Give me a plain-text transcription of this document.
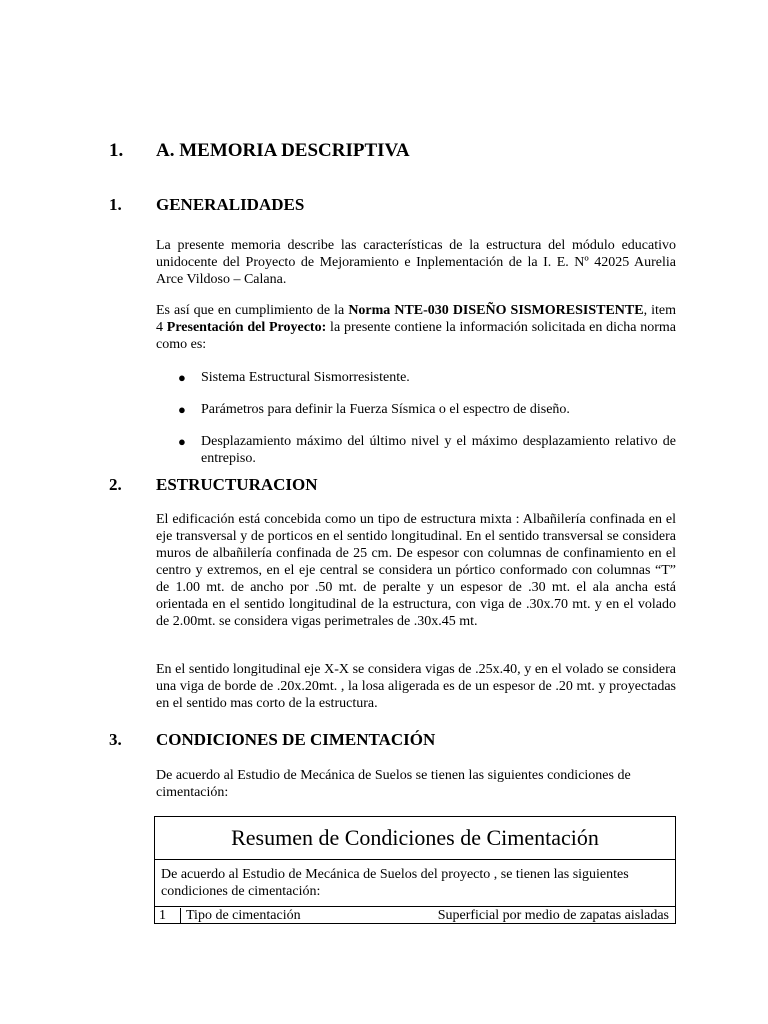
1. A. MEMORIA DESCRIPTIVA
1. GENERALIDADES

La presente memoria describe las características de la estructura del módulo educativo unidocente del Proyecto de Mejoramiento e Inplementación de la I. E. Nº 42025 Aurelia Arce Vildoso – Calana.

Es así que en cumplimiento de la Norma NTE-030 DISEÑO SISMORESISTENTE, item 4 Presentación del Proyecto: la presente contiene la información solicitada en dicha norma como es:

● Sistema Estructural Sismorresistente.
● Parámetros para definir la Fuerza Sísmica o el espectro de diseño.
● Desplazamiento máximo del último nivel y el máximo desplazamiento relativo de entrepiso.
2. ESTRUCTURACION

El edificación está concebida como un tipo de estructura mixta : Albañilería confinada en el eje transversal y de porticos en el sentido longitudinal. En el sentido transversal se considera muros de albañilería confinada de 25 cm. De espesor con columnas de confinamiento en el centro y extremos, en el eje central se considera un pórtico conformado con columnas “T” de 1.00 mt. de ancho por .50 mt. de peralte y un espesor de .30 mt. el ala ancha está orientada en el sentido longitudinal de la estructura, con viga de .30x.70 mt. y en el volado de 2.00mt. se considera vigas perimetrales de .30x.45 mt.

En el sentido longitudinal eje X-X se considera vigas de .25x.40, y en el volado se considera una viga de borde de .20x.20mt. , la losa aligerada es de un espesor de .20 mt. y proyectadas en el sentido mas corto de la estructura.

3. CONDICIONES DE CIMENTACIÓN

De acuerdo al Estudio de Mecánica de Suelos se tienen las siguientes condiciones de cimentación:

Resumen de Condiciones de Cimentación
De acuerdo al Estudio de Mecánica de Suelos del proyecto , se tienen las siguientes condiciones de cimentación:
1	Tipo de cimentación	Superficial por medio de zapatas aisladas
